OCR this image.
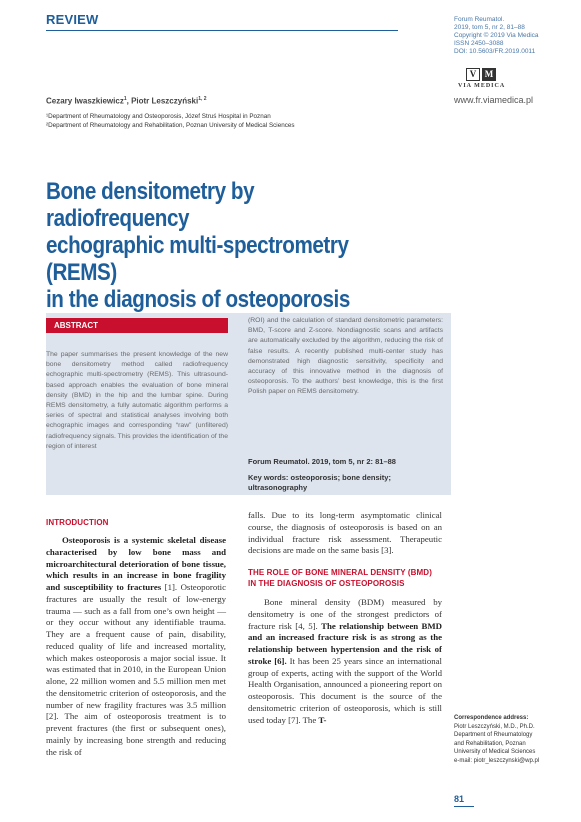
REVIEW	Forum Reumatol.
2019, tom 5, nr 2, 81–88
Copyright © 2019 Via Medica
ISSN 2450–3088
DOI: 10.5603/FR.2019.0011
V M
VIA MEDICA
www.fr.viamedica.pl
Cezary Iwaszkiewicz$^1$, Piotr Leszczyński$^{1, 2}$
¹Department of Rheumatology and Osteoporosis, Józef Struś Hospital in Poznan
²Department of Rheumatology and Rehabilitation, Poznan University of Medical Sciences
Bone densitometry by radiofrequency
echographic multi-spectrometry (REMS)
in the diagnosis of osteoporosis
ABSTRACT

The paper summarises the present knowledge of the new bone densitometry method called radiofrequency echographic multi-spectrometry (REMS). This ultrasound-based approach enables the evaluation of bone mineral density (BMD) in the hip and the lumbar spine. During REMS densitometry, a fully automatic algorithm performs a series of spectral and statistical analyses involving both echographic images and corresponding “raw” (unfiltered) radiofrequency signals. This provides the identification of the region of interest

(ROI) and the calculation of standard densitometric parameters: BMD, T-score and Z-score. Nondiagnostic scans and artifacts are automatically excluded by the algorithm, reducing the risk of false results. A recently published multi-center study has demonstrated high diagnostic sensitivity, specificity and accuracy of this innovative method in the diagnosis of osteoporosis. To the authors’ best knowledge, this is the first Polish paper on REMS densitometry.

Forum Reumatol. 2019, tom 5, nr 2: 81–88
Key words: osteoporosis; bone density; ultrasonography
INTRODUCTION

Osteoporosis is a systemic skeletal disease characterised by low bone mass and microarchitectural deterioration of bone tissue, which results in an increase in bone fragility and susceptibility to fractures [1]. Osteoporotic fractures are usually the result of low-energy trauma — such as a fall from one’s own height — or they occur without any identifiable trauma. They are a frequent cause of pain, disability, reduced quality of life and increased mortality, which makes osteoporosis a major social issue. It was estimated that in 2010, in the European Union alone, 22 million women and 5.5 million men met the densitometric criterion of osteoporosis, and the number of new fragility fractures was 3.5 million [2]. The aim of osteoporosis treatment is to prevent fractures (the first or subsequent ones), mainly by increasing bone strength and reducing the risk of

falls. Due to its long-term asymptomatic clinical course, the diagnosis of osteoporosis is based on an individual fracture risk assessment. Therapeutic decisions are made on the same basis [3].

THE ROLE OF BONE MINERAL DENSITY (BMD)
IN THE DIAGNOSIS OF OSTEOPOROSIS

Bone mineral density (BDM) measured by densitometry is one of the strongest predictors of fracture risk [4, 5]. The relationship between BMD and an increased fracture risk is as strong as the relationship between hypertension and the risk of stroke [6]. It has been 25 years since an international group of experts, acting with the support of the World Health Organisation, announced a pioneering report on osteoporosis. This document is the source of the densitometric criterion of osteoporosis, which is still used today [7]. The T-	Correspondence address:
Piotr Leszczyński, M.D., Ph.D.
Department of Rheumatology
and Rehabilitation, Poznan
University of Medical Sciences
e-mail: piotr_leszczynski@wp.pl
81
